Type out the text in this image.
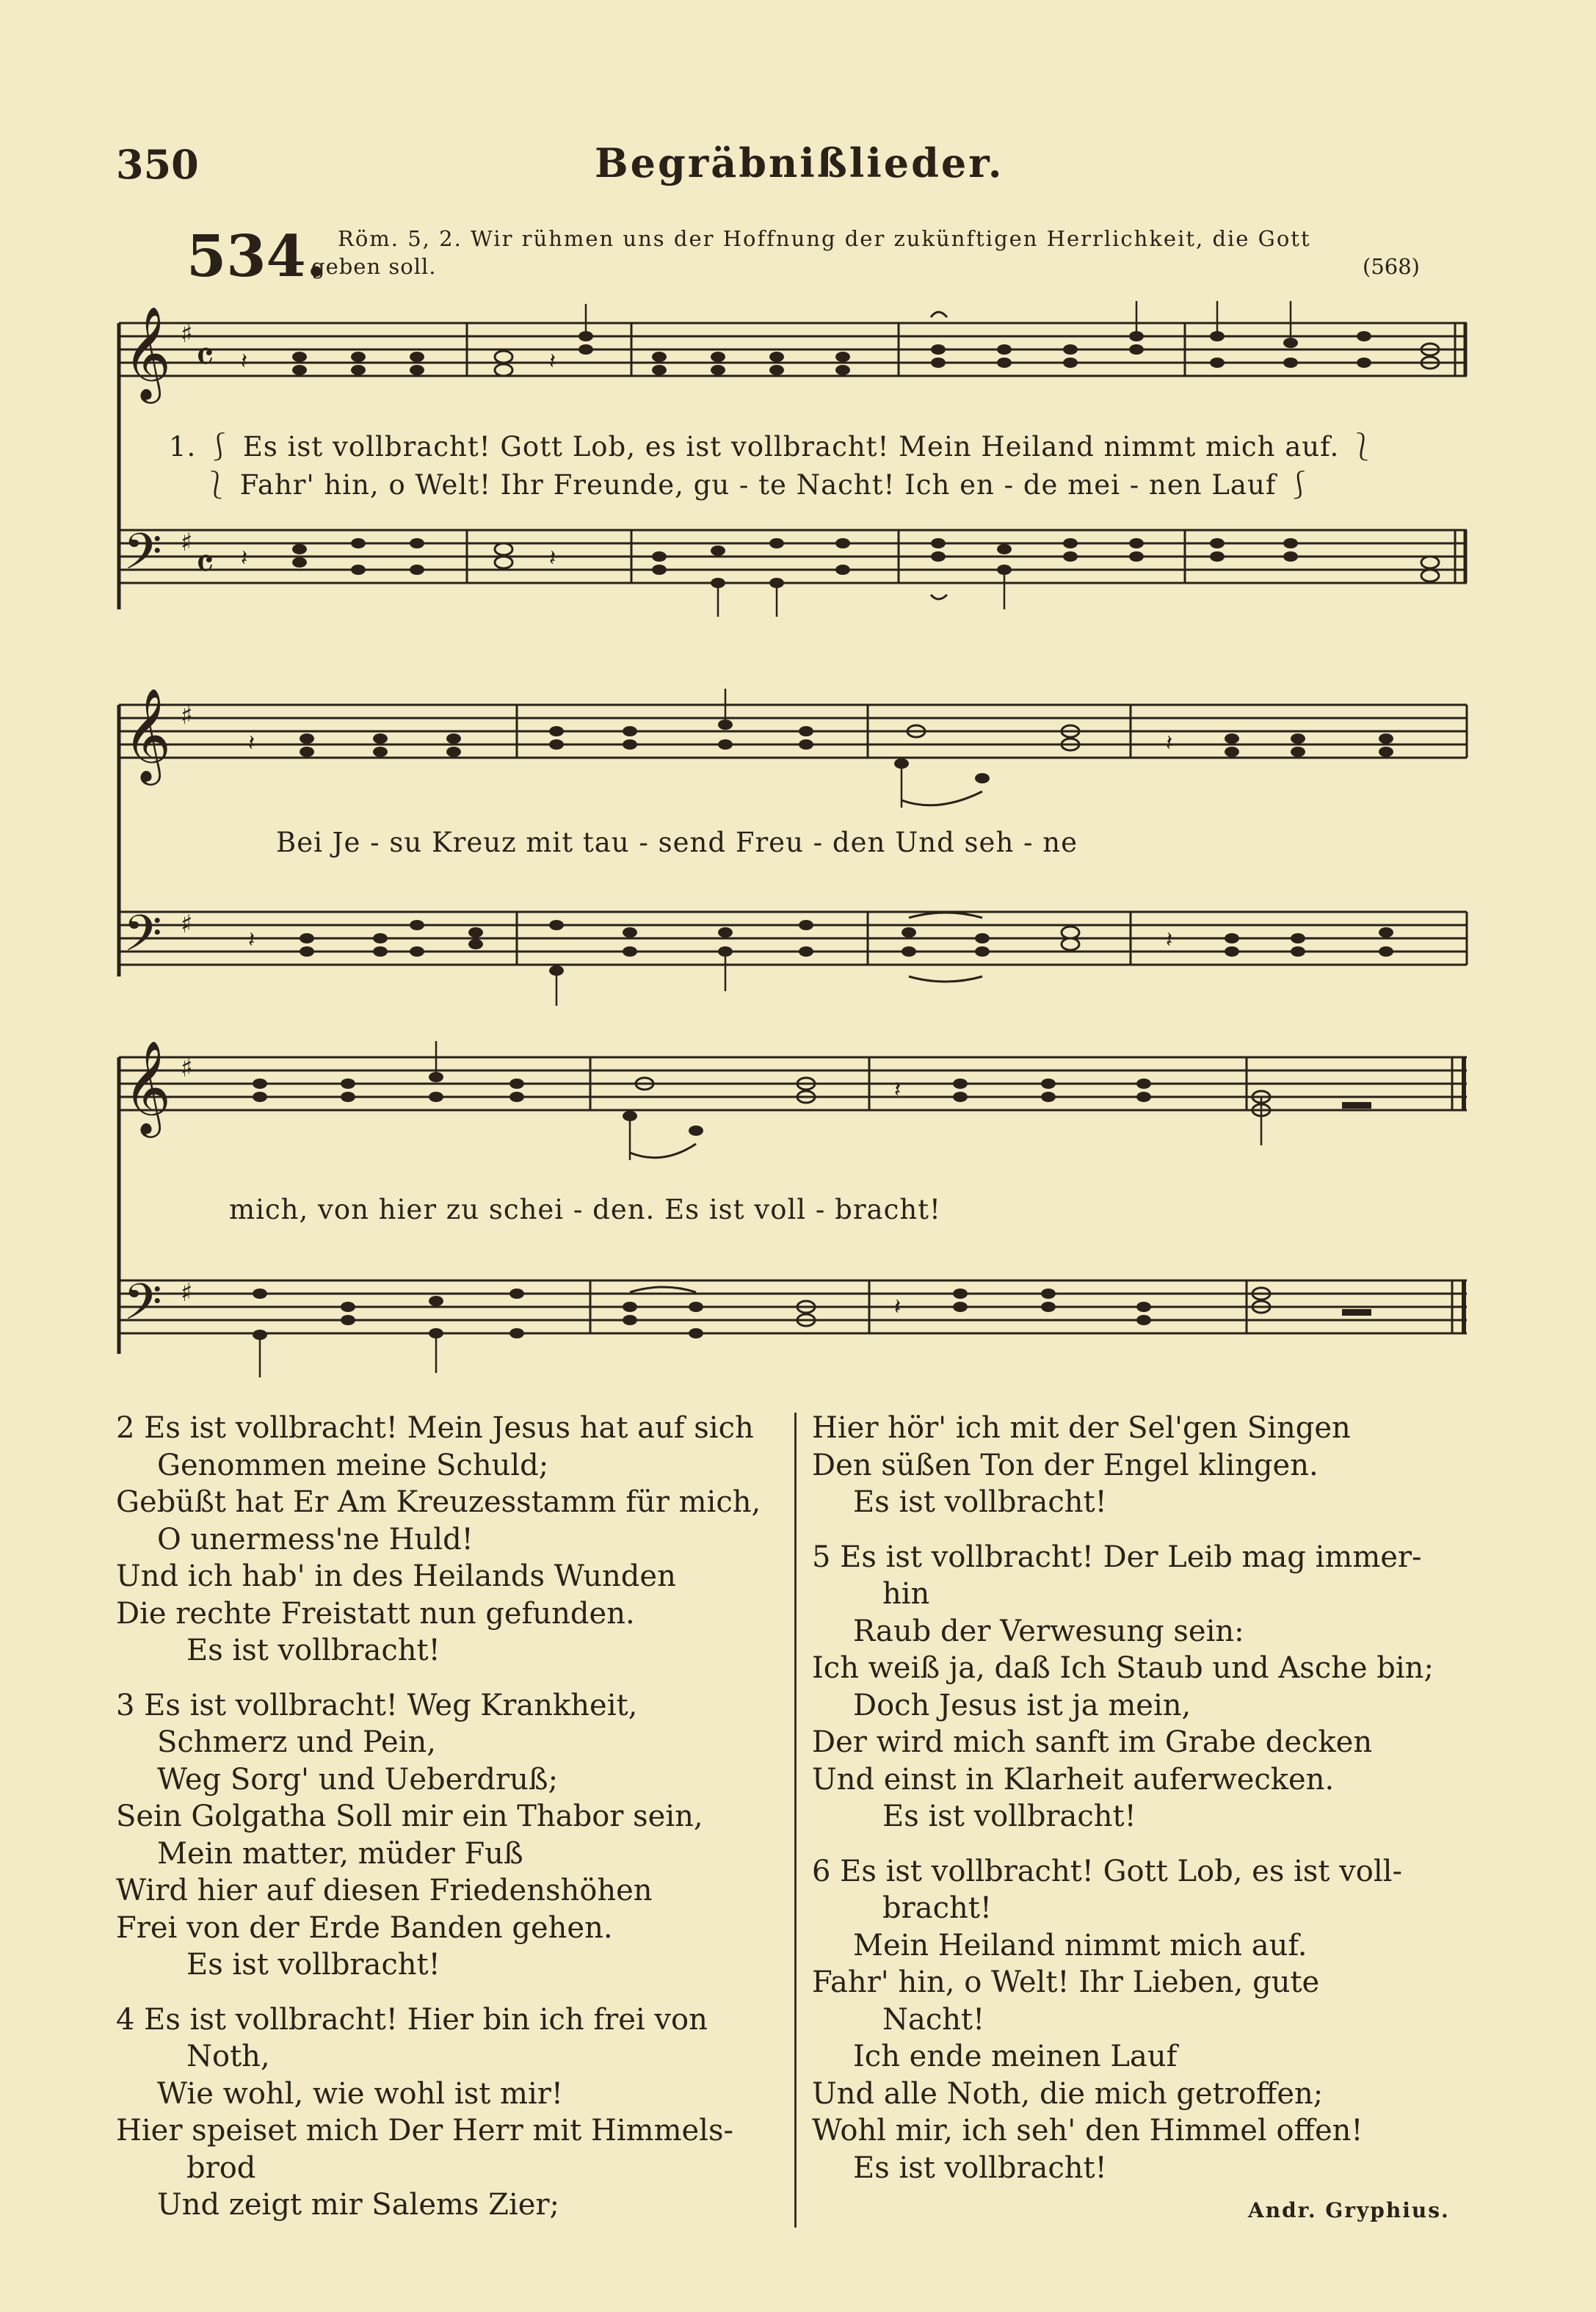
350	Begräbnißlieder.
534. Röm. 5, 2. Wir rühmen uns der Hoffnung der zukünftigen Herrlichkeit, die Gott
geben soll.	(568)
𝄞
𝄢
♯
♯
𝄴
𝄴
𝄽	𝄽
𝄽	𝄽
1. ⎰ Es ist vollbracht! Gott Lob, es ist vollbracht! Mein Heiland nimmt mich auf. ⎱
⎱ Fahr' hin, o Welt! Ihr Freunde, gu - te Nacht! Ich en - de mei - nen Lauf ⎰
𝄞
𝄢
♯
♯
𝄽	𝄽
𝄽	𝄽
Bei Je - su Kreuz mit tau - send Freu - den Und seh - ne
𝄞
𝄢
♯
♯
𝄽
𝄽
mich, von hier zu schei - den. Es ist voll - bracht!

2 Es ist vollbracht! Mein Jesus hat auf sich

Genommen meine Schuld;

Gebüßt hat Er Am Kreuzesstamm für mich,

O unermess'ne Huld!

Und ich hab' in des Heilands Wunden

Die rechte Freistatt nun gefunden.

Es ist vollbracht!

3 Es ist vollbracht! Weg Krankheit,

Schmerz und Pein,

Weg Sorg' und Ueberdruß;

Sein Golgatha Soll mir ein Thabor sein,

Mein matter, müder Fuß

Wird hier auf diesen Friedenshöhen

Frei von der Erde Banden gehen.

Es ist vollbracht!

4 Es ist vollbracht! Hier bin ich frei von

Noth,

Wie wohl, wie wohl ist mir!

Hier speiset mich Der Herr mit Himmels-

brod

Und zeigt mir Salems Zier;

Hier hör' ich mit der Sel'gen Singen

Den süßen Ton der Engel klingen.

Es ist vollbracht!

5 Es ist vollbracht! Der Leib mag immer-

hin

Raub der Verwesung sein:

Ich weiß ja, daß Ich Staub und Asche bin;

Doch Jesus ist ja mein,

Der wird mich sanft im Grabe decken

Und einst in Klarheit auferwecken.

Es ist vollbracht!

6 Es ist vollbracht! Gott Lob, es ist voll-

bracht!

Mein Heiland nimmt mich auf.

Fahr' hin, o Welt! Ihr Lieben, gute

Nacht!

Ich ende meinen Lauf

Und alle Noth, die mich getroffen;

Wohl mir, ich seh' den Himmel offen!

Es ist vollbracht!

Andr. Gryphius.
